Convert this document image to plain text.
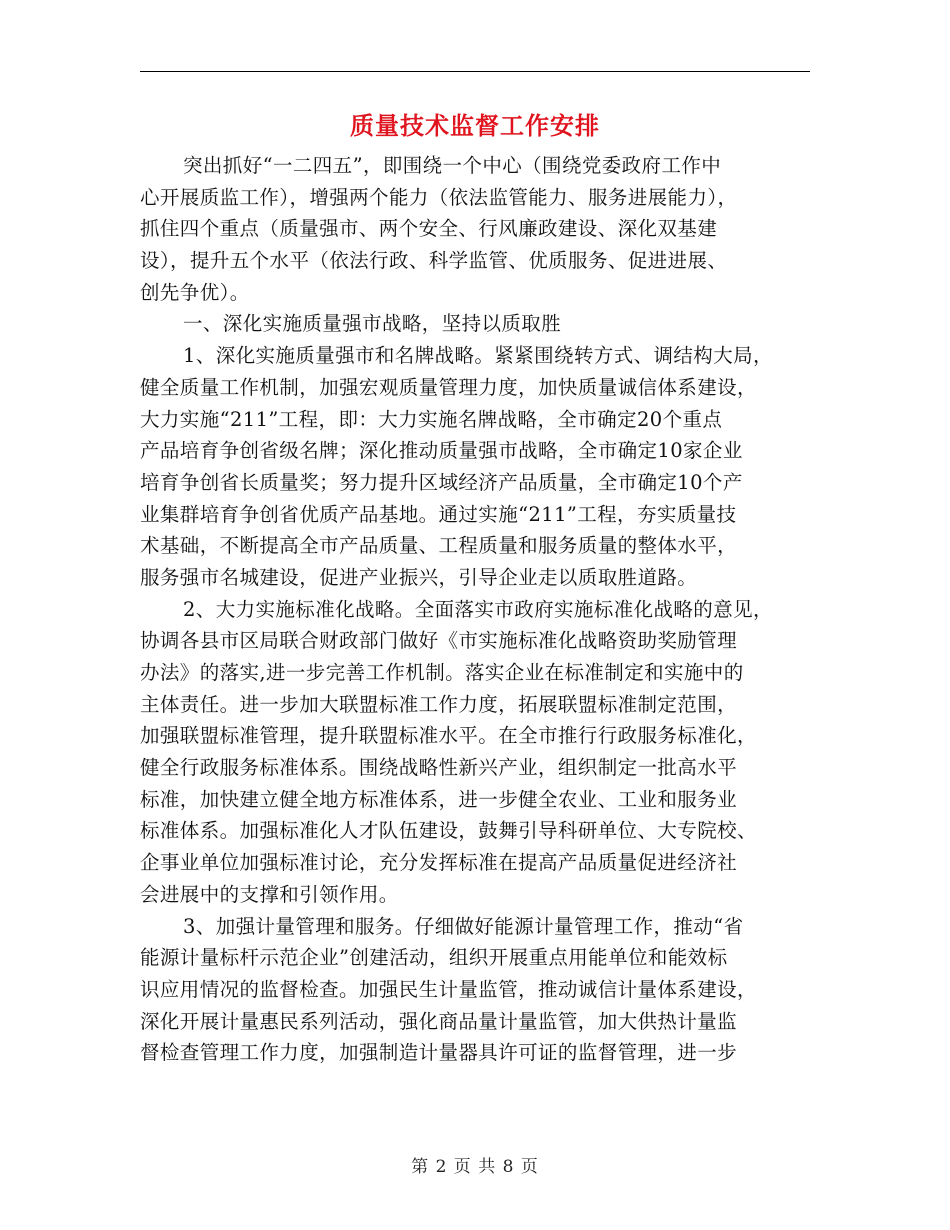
质量技术监督工作安排
突出抓好“一二四五”，即围绕一个中心（围绕党委政府工作中
心开展质监工作），增强两个能力（依法监管能力、服务进展能力），
抓住四个重点（质量强市、两个安全、行风廉政建设、深化双基建
设），提升五个水平（依法行政、科学监管、优质服务、促进进展、
创先争优）。
一、深化实施质量强市战略，坚持以质取胜
1、深化实施质量强市和名牌战略。紧紧围绕转方式、调结构大局，
健全质量工作机制，加强宏观质量管理力度，加快质量诚信体系建设，
大力实施“211”工程，即：大力实施名牌战略，全市确定20个重点
产品培育争创省级名牌；深化推动质量强市战略，全市确定10家企业
培育争创省长质量奖；努力提升区域经济产品质量，全市确定10个产
业集群培育争创省优质产品基地。通过实施“211”工程，夯实质量技
术基础，不断提高全市产品质量、工程质量和服务质量的整体水平，
服务强市名城建设，促进产业振兴，引导企业走以质取胜道路。
2、大力实施标准化战略。全面落实市政府实施标准化战略的意见，
协调各县市区局联合财政部门做好《市实施标准化战略资助奖励管理
办法》的落实,进一步完善工作机制。落实企业在标准制定和实施中的
主体责任。进一步加大联盟标准工作力度，拓展联盟标准制定范围，
加强联盟标准管理，提升联盟标准水平。在全市推行行政服务标准化，
健全行政服务标准体系。围绕战略性新兴产业，组织制定一批高水平
标准，加快建立健全地方标准体系，进一步健全农业、工业和服务业
标准体系。加强标准化人才队伍建设，鼓舞引导科研单位、大专院校、
企事业单位加强标准讨论，充分发挥标准在提高产品质量促进经济社
会进展中的支撑和引领作用。
3、加强计量管理和服务。仔细做好能源计量管理工作，推动“省
能源计量标杆示范企业”创建活动，组织开展重点用能单位和能效标
识应用情况的监督检查。加强民生计量监管，推动诚信计量体系建设，
深化开展计量惠民系列活动，强化商品量计量监管，加大供热计量监
督检查管理工作力度，加强制造计量器具许可证的监督管理，进一步
第 2 页 共 8 页
